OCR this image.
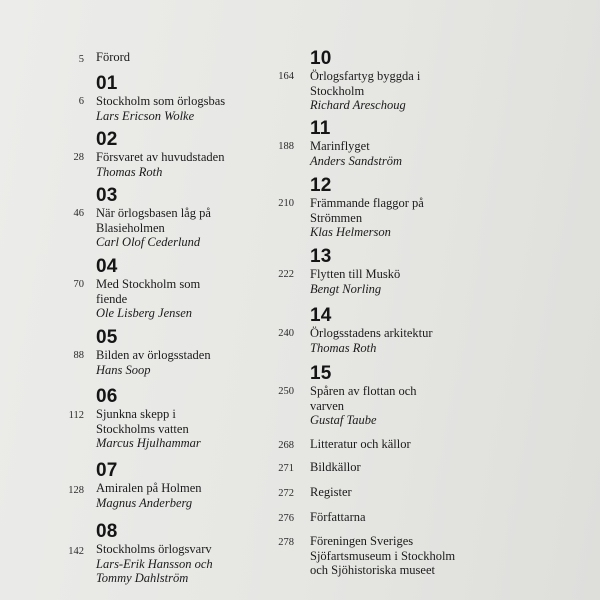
5 Förord
6
01
Stockholm som örlogsbas
Lars Ericson Wolke
28
02
Försvaret av huvudstaden
Thomas Roth
46
03
När örlogsbasen låg på Blasieholmen
Carl Olof Cederlund
70
04
Med Stockholm som fiende
Ole Lisberg Jensen
88
05
Bilden av örlogsstaden
Hans Soop
112
06
Sjunkna skepp i Stockholms vatten
Marcus Hjulhammar
128
07
Amiralen på Holmen
Magnus Anderberg
142
08
Stockholms örlogsvarv
Lars-Erik Hansson och Tommy Dahlström
164
10
Örlogsfartyg byggda i Stockholm
Richard Areschoug
188
11
Marinflyget
Anders Sandström
210
12
Främmande flaggor på Strömmen
Klas Helmerson
222
13
Flytten till Muskö
Bengt Norling
240
14
Örlogsstadens arkitektur
Thomas Roth
250
15
Spåren av flottan och varven
Gustaf Taube
268 Litteratur och källor
271 Bildkällor
272 Register
276 Författarna
278 Föreningen Sveriges Sjöfartsmuseum i Stockholm och Sjöhistoriska museet
